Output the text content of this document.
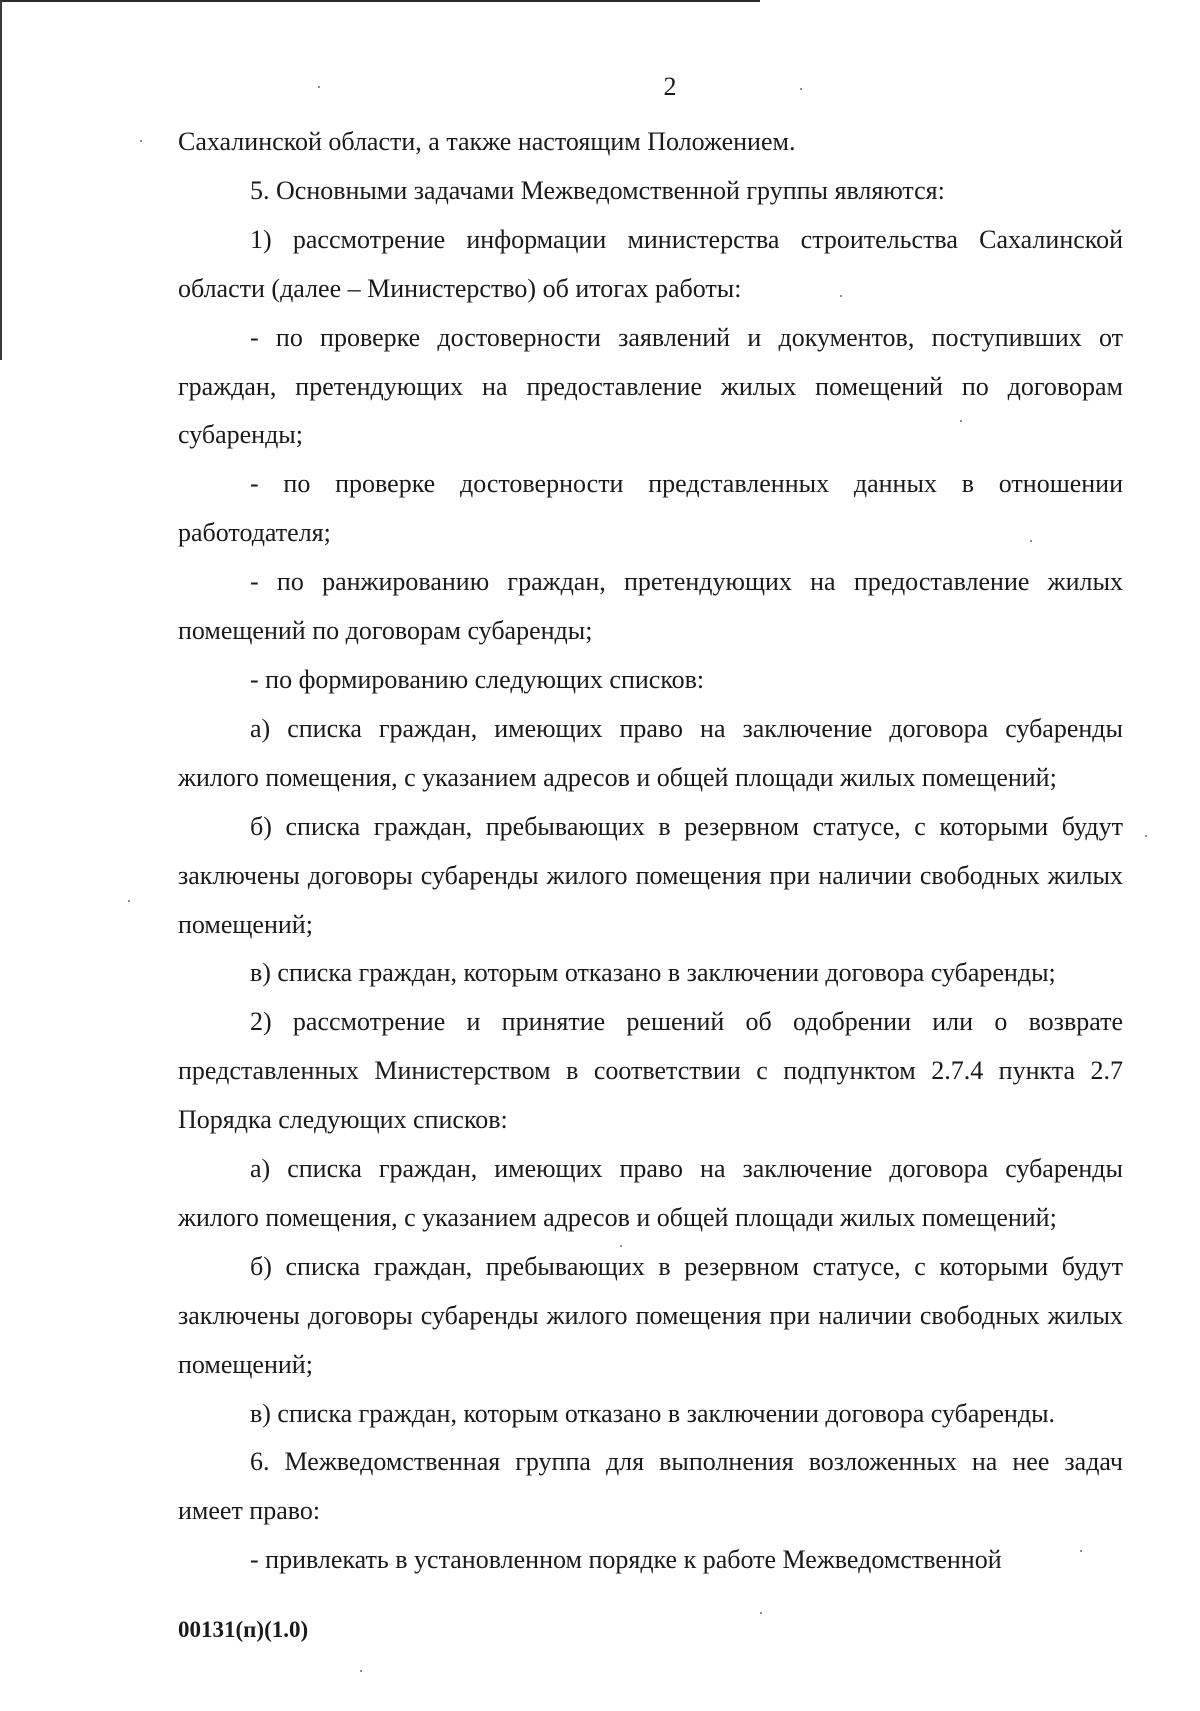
2

Сахалинской области, а также настоящим Положением.

5. Основными задачами Межведомственной группы являются:

1) рассмотрение информации министерства строительства Сахалинской области (далее – Министерство) об итогах работы:

- по проверке достоверности заявлений и документов, поступивших от граждан, претендующих на предоставление жилых помещений по договорам субаренды;

- по проверке достоверности представленных данных в отношении работодателя;

- по ранжированию граждан, претендующих на предоставление жилых помещений по договорам субаренды;

- по формированию следующих списков:

а) списка граждан, имеющих право на заключение договора субаренды жилого помещения, с указанием адресов и общей площади жилых помещений;

б) списка граждан, пребывающих в резервном статусе, с которыми будут заключены договоры субаренды жилого помещения при наличии свободных жилых помещений;

в) списка граждан, которым отказано в заключении договора субаренды;

2) рассмотрение и принятие решений об одобрении или о возврате представленных Министерством в соответствии с подпунктом 2.7.4 пункта 2.7 Порядка следующих списков:

а) списка граждан, имеющих право на заключение договора субаренды жилого помещения, с указанием адресов и общей площади жилых помещений;

б) списка граждан, пребывающих в резервном статусе, с которыми будут заключены договоры субаренды жилого помещения при наличии свободных жилых помещений;

в) списка граждан, которым отказано в заключении договора субаренды.

6. Межведомственная группа для выполнения возложенных на нее задач имеет право:

- привлекать в установленном порядке к работе Межведомственной

00131(п)(1.0)
